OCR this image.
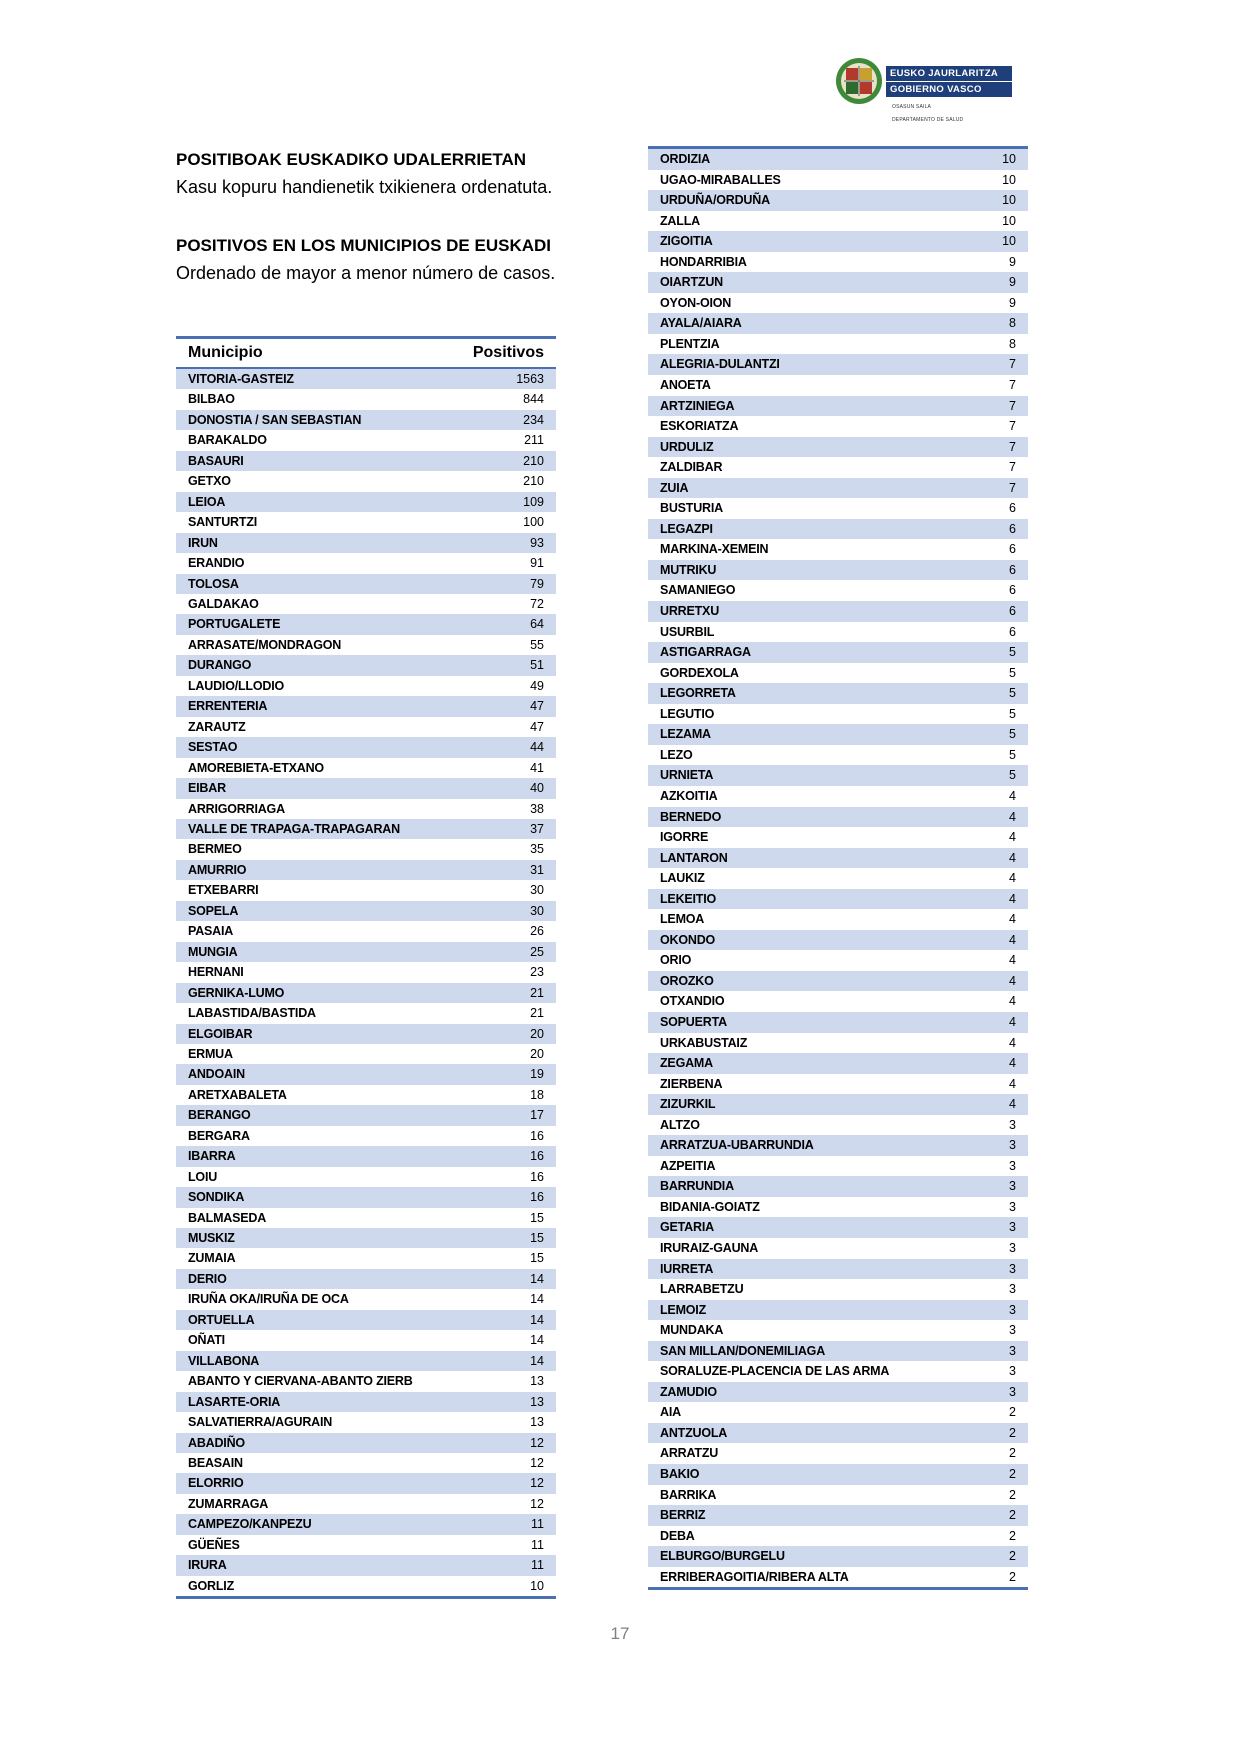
EUSKO JAURLARITZA
GOBIERNO VASCO
OSASUN SAILA
DEPARTAMENTO DE SALUD

POSITIBOAK EUSKADIKO UDALERRIETAN

Kasu kopuru handienetik txikienera ordenatuta.

POSITIVOS EN LOS MUNICIPIOS DE EUSKADI

Ordenado de mayor a menor número de casos.

Municipio	Positivos
VITORIA-GASTEIZ	1563
BILBAO	844
DONOSTIA / SAN SEBASTIAN	234
BARAKALDO	211
BASAURI	210
GETXO	210
LEIOA	109
SANTURTZI	100
IRUN	93
ERANDIO	91
TOLOSA	79
GALDAKAO	72
PORTUGALETE	64
ARRASATE/MONDRAGON	55
DURANGO	51
LAUDIO/LLODIO	49
ERRENTERIA	47
ZARAUTZ	47
SESTAO	44
AMOREBIETA-ETXANO	41
EIBAR	40
ARRIGORRIAGA	38
VALLE DE TRAPAGA-TRAPAGARAN	37
BERMEO	35
AMURRIO	31
ETXEBARRI	30
SOPELA	30
PASAIA	26
MUNGIA	25
HERNANI	23
GERNIKA-LUMO	21
LABASTIDA/BASTIDA	21
ELGOIBAR	20
ERMUA	20
ANDOAIN	19
ARETXABALETA	18
BERANGO	17
BERGARA	16
IBARRA	16
LOIU	16
SONDIKA	16
BALMASEDA	15
MUSKIZ	15
ZUMAIA	15
DERIO	14
IRUÑA OKA/IRUÑA DE OCA	14
ORTUELLA	14
OÑATI	14
VILLABONA	14
ABANTO Y CIERVANA-ABANTO ZIERB	13
LASARTE-ORIA	13
SALVATIERRA/AGURAIN	13
ABADIÑO	12
BEASAIN	12
ELORRIO	12
ZUMARRAGA	12
CAMPEZO/KANPEZU	11
GÜEÑES	11
IRURA	11
GORLIZ	10
ORDIZIA	10
UGAO-MIRABALLES	10
URDUÑA/ORDUÑA	10
ZALLA	10
ZIGOITIA	10
HONDARRIBIA	9
OIARTZUN	9
OYON-OION	9
AYALA/AIARA	8
PLENTZIA	8
ALEGRIA-DULANTZI	7
ANOETA	7
ARTZINIEGA	7
ESKORIATZA	7
URDULIZ	7
ZALDIBAR	7
ZUIA	7
BUSTURIA	6
LEGAZPI	6
MARKINA-XEMEIN	6
MUTRIKU	6
SAMANIEGO	6
URRETXU	6
USURBIL	6
ASTIGARRAGA	5
GORDEXOLA	5
LEGORRETA	5
LEGUTIO	5
LEZAMA	5
LEZO	5
URNIETA	5
AZKOITIA	4
BERNEDO	4
IGORRE	4
LANTARON	4
LAUKIZ	4
LEKEITIO	4
LEMOA	4
OKONDO	4
ORIO	4
OROZKO	4
OTXANDIO	4
SOPUERTA	4
URKABUSTAIZ	4
ZEGAMA	4
ZIERBENA	4
ZIZURKIL	4
ALTZO	3
ARRATZUA-UBARRUNDIA	3
AZPEITIA	3
BARRUNDIA	3
BIDANIA-GOIATZ	3
GETARIA	3
IRURAIZ-GAUNA	3
IURRETA	3
LARRABETZU	3
LEMOIZ	3
MUNDAKA	3
SAN MILLAN/DONEMILIAGA	3
SORALUZE-PLACENCIA DE LAS ARMA	3
ZAMUDIO	3
AIA	2
ANTZUOLA	2
ARRATZU	2
BAKIO	2
BARRIKA	2
BERRIZ	2
DEBA	2
ELBURGO/BURGELU	2
ERRIBERAGOITIA/RIBERA ALTA	2
17
